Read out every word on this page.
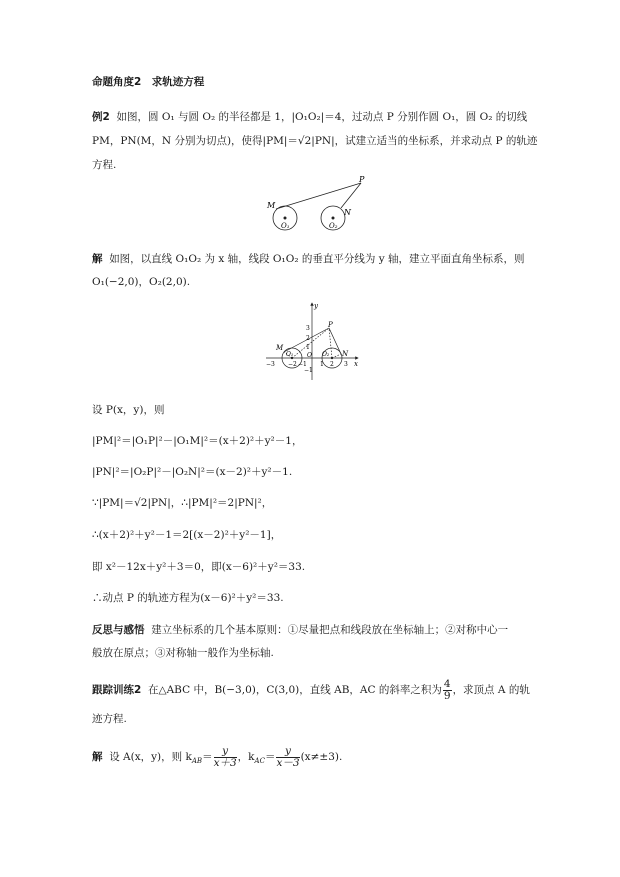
命题角度2　求轨迹方程
例2 如图，圆 O₁ 与圆 O₂ 的半径都是 1，|O₁O₂|＝4，过动点 P 分别作圆 O₁，圆 O₂ 的切线
PM，PN(M，N 分别为切点)，使得|PM|＝√2|PN|，试建立适当的坐标系，并求动点 P 的轨迹
方程.
M
P
N
O₁	O₂
解 如图，以直线 O₁O₂ 为 x 轴，线段 O₁O₂ 的垂直平分线为 y 轴，建立平面直角坐标系，则
O₁(−2,0)，O₂(2,0).
y
x
O
M
P
N
O₁	O₂
−3 −2 −1 1 2 3
3
2
1
−1
设 P(x，y)，则
|PM|²＝|O₁P|²－|O₁M|²＝(x＋2)²＋y²－1，
|PN|²＝|O₂P|²－|O₂N|²＝(x－2)²＋y²－1.
∵|PM|＝√2|PN|，∴|PM|²＝2|PN|²，
∴(x＋2)²＋y²－1＝2[(x－2)²＋y²－1]，
即 x²－12x＋y²＋3＝0，即(x－6)²＋y²＝33.
∴动点 P 的轨迹方程为(x－6)²＋y²＝33.
反思与感悟 建立坐标系的几个基本原则：①尽量把点和线段放在坐标轴上；②对称中心一
般放在原点；③对称轴一般作为坐标轴.
跟踪训练2 在△ABC 中，B(−3,0)，C(3,0)，直线 AB，AC 的斜率之积为 $\frac{4}{9}$ ，求顶点 A 的轨
迹方程.
解 设 A(x，y)，则 $k_{AB}= \frac{y}{x+3}$ ，$k_{AC}= \frac{y}{x-3} (x\ne\pm 3)$.
